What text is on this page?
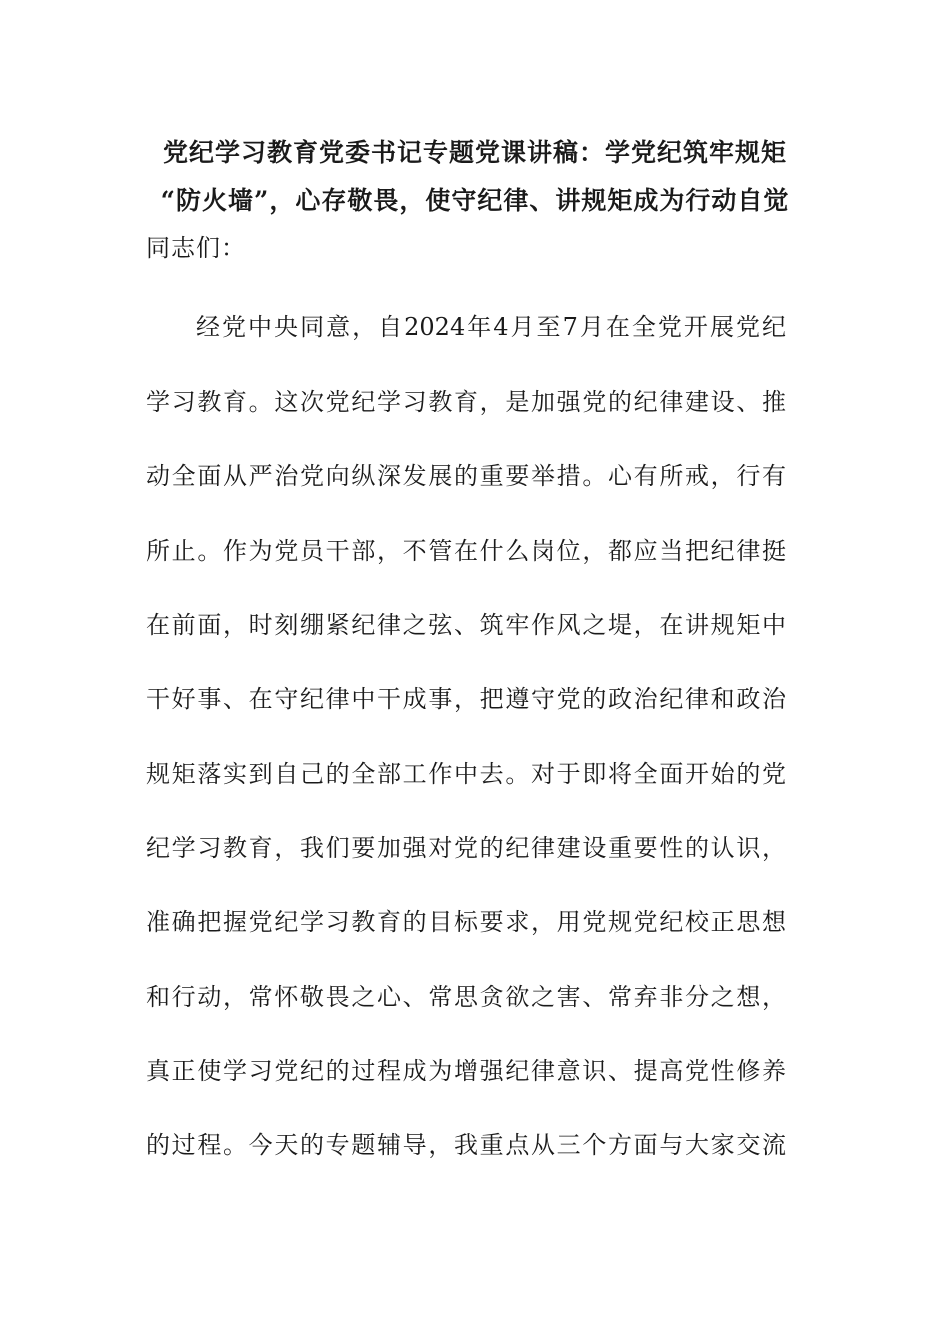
党纪学习教育党委书记专题党课讲稿：学党纪筑牢规矩
“防火墙”，心存敬畏，使守纪律、讲规矩成为行动自觉
同志们：
经党中央同意，自2024年4月至7月在全党开展党纪
学习教育。这次党纪学习教育，是加强党的纪律建设、推
动全面从严治党向纵深发展的重要举措。心有所戒，行有
所止。作为党员干部，不管在什么岗位，都应当把纪律挺
在前面，时刻绷紧纪律之弦、筑牢作风之堤，在讲规矩中
干好事、在守纪律中干成事，把遵守党的政治纪律和政治
规矩落实到自己的全部工作中去。对于即将全面开始的党
纪学习教育，我们要加强对党的纪律建设重要性的认识，
准确把握党纪学习教育的目标要求，用党规党纪校正思想
和行动，常怀敬畏之心、常思贪欲之害、常弃非分之想，
真正使学习党纪的过程成为增强纪律意识、提高党性修养
的过程。今天的专题辅导，我重点从三个方面与大家交流
